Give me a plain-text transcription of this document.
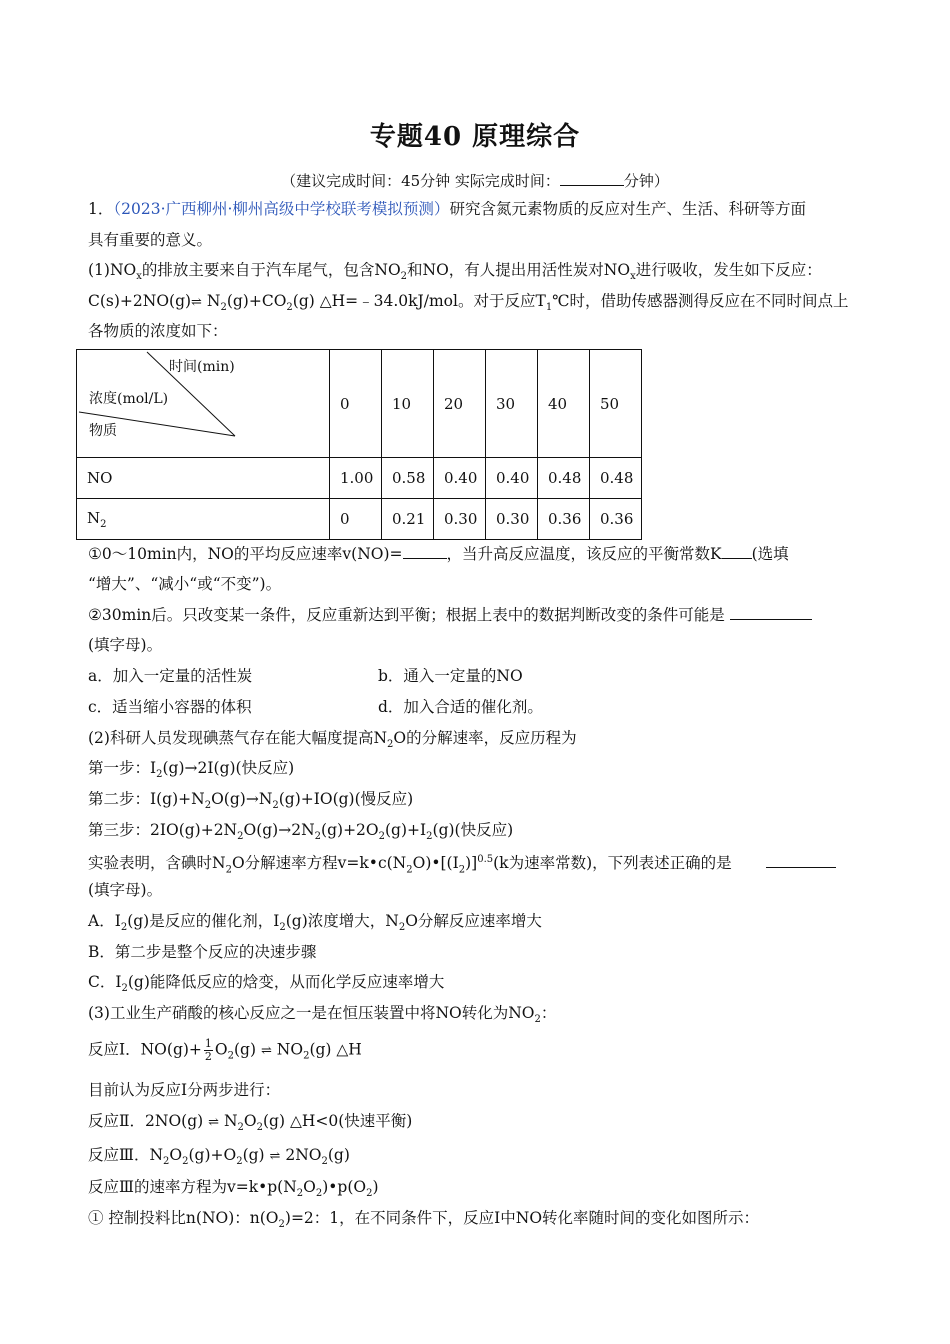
专题40 原理综合
（建议完成时间：45分钟 实际完成时间：	分钟）
1．（2023·广西柳州·柳州高级中学校联考模拟预测）研究含氮元素物质的反应对生产、生活、科研等方面
具有重要的意义。
$(1)NO_x$的排放主要来自于汽车尾气，包含$NO_2$和NO，有人提出用活性炭对$NO_x$进行吸收，发生如下反应：
C(s)+2NO(g)⇌ $N_2(g)+CO_2(g)$ △H=﹣34.0kJ/mol。对于反应$T_1℃$时，借助传感器测得反应在不同时间点上
各物质的浓度如下：
时间(min)
浓度(mol/L)
物质	0	10	20	30	40	50
NO	1.00	0.58	0.40	0.40	0.48	0.48
$N_2$	0	0.21	0.30	0.30	0.36	0.36
①0～10min内，NO的平均反应速率v(NO)=	，当升高反应温度，该反应的平衡常数K (选填
“增大”、“减小“或“不变”)。
②30min后。只改变某一条件，反应重新达到平衡；根据上表中的数据判断改变的条件可能是
(填字母)。
a．加入一定量的活性炭	b．通入一定量的NO
c．适当缩小容器的体积	d．加入合适的催化剂。
(2)科研人员发现碘蒸气存在能大幅度提高$N_2O$的分解速率，反应历程为
第一步：$I_2(g)\to 2I(g)$(快反应)
第二步：$I(g)+N_2O(g)\to N_2(g)+IO(g)$(慢反应)
第三步：$2IO(g)+2N_2O(g)\to 2N_2(g)+2O_2(g)+I_2(g)$(快反应)
实验表明，含碘时$N_2O$分解速率方程$v=k•c(N_2O)•[(I_2)]^{0.5}(k$为速率常数)，下列表述正确的是
(填字母)。
A．$I_2(g)$是反应的催化剂，$I_2(g)$浓度增大，$N_2O$分解反应速率增大
B．第二步是整个反应的决速步骤
C．$I_2(g)$能降低反应的焓变，从而化学反应速率增大
(3)工业生产硝酸的核心反应之一是在恒压装置中将NO转化为$NO_2$：
反应Ⅰ．$NO(g)+ \frac{1}{2} O_2(g)$ ⇌ $NO_2(g)$ △H
目前认为反应Ⅰ分两步进行：
反应Ⅱ．2NO(g) ⇌ $N_2O_2(g)$ △H<0(快速平衡)
反应Ⅲ．$N_2O_2(g)+O_2(g)$ ⇌ $2NO_2(g)$
反应Ⅲ的速率方程为$v=k•p(N_2O_2)•p(O_2)$
① 控制投料比n(NO)：$n(O_2)=2$：1，在不同条件下，反应Ⅰ中NO转化率随时间的变化如图所示：
